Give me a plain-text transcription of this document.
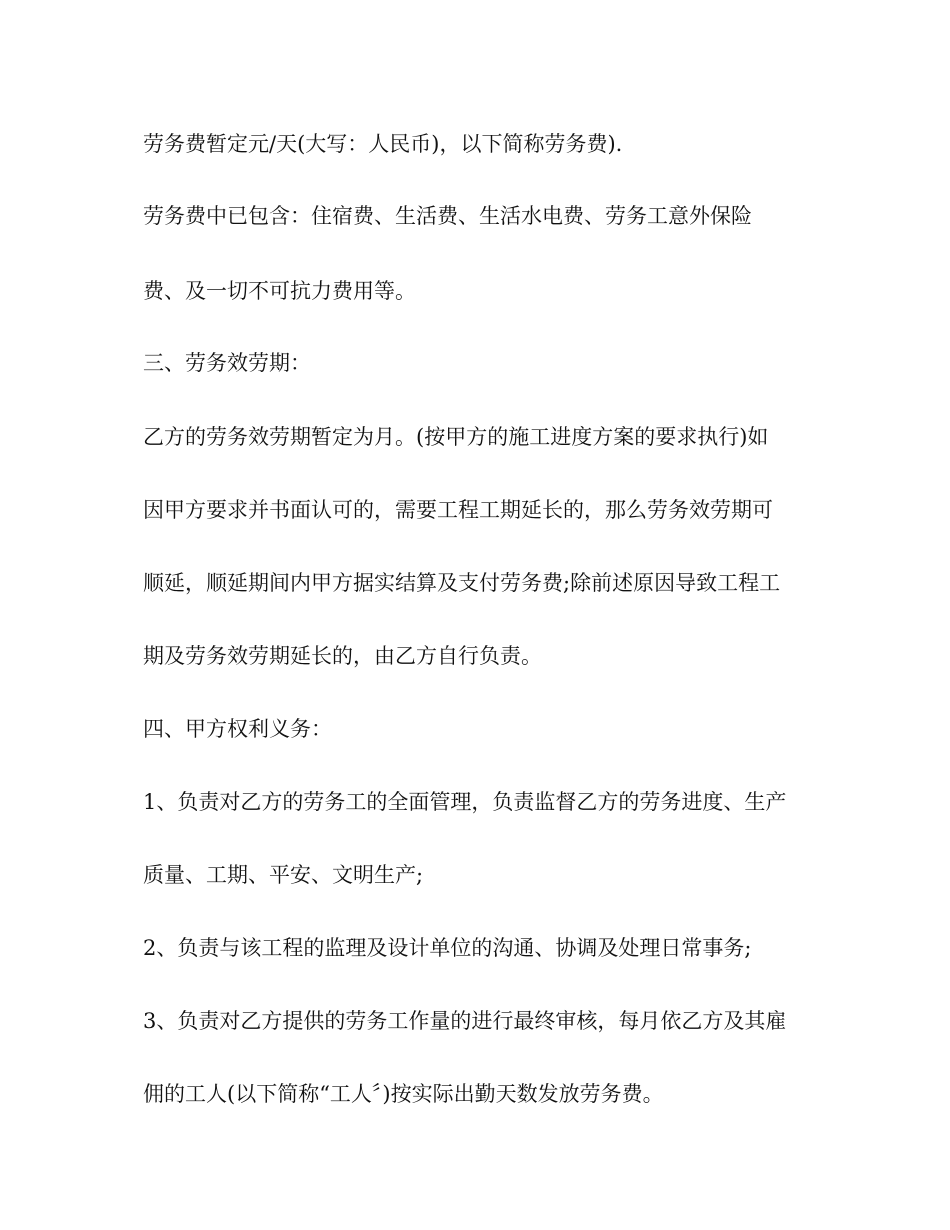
劳务费暂定元/天(大写：人民币)，以下简称劳务费).
劳务费中已包含：住宿费、生活费、生活水电费、劳务工意外保险
费、及一切不可抗力费用等。
三、劳务效劳期：
乙方的劳务效劳期暂定为月。(按甲方的施工进度方案的要求执行)如
因甲方要求并书面认可的，需要工程工期延长的，那么劳务效劳期可
顺延，顺延期间内甲方据实结算及支付劳务费;除前述原因导致工程工
期及劳务效劳期延长的，由乙方自行负责。
四、甲方权利义务：
1、负责对乙方的劳务工的全面管理，负责监督乙方的劳务进度、生产
质量、工期、平安、文明生产;
2、负责与该工程的监理及设计单位的沟通、协调及处理日常事务;
3、负责对乙方提供的劳务工作量的进行最终审核，每月依乙方及其雇
佣的工人(以下简称“工人〞)按实际出勤天数发放劳务费。
